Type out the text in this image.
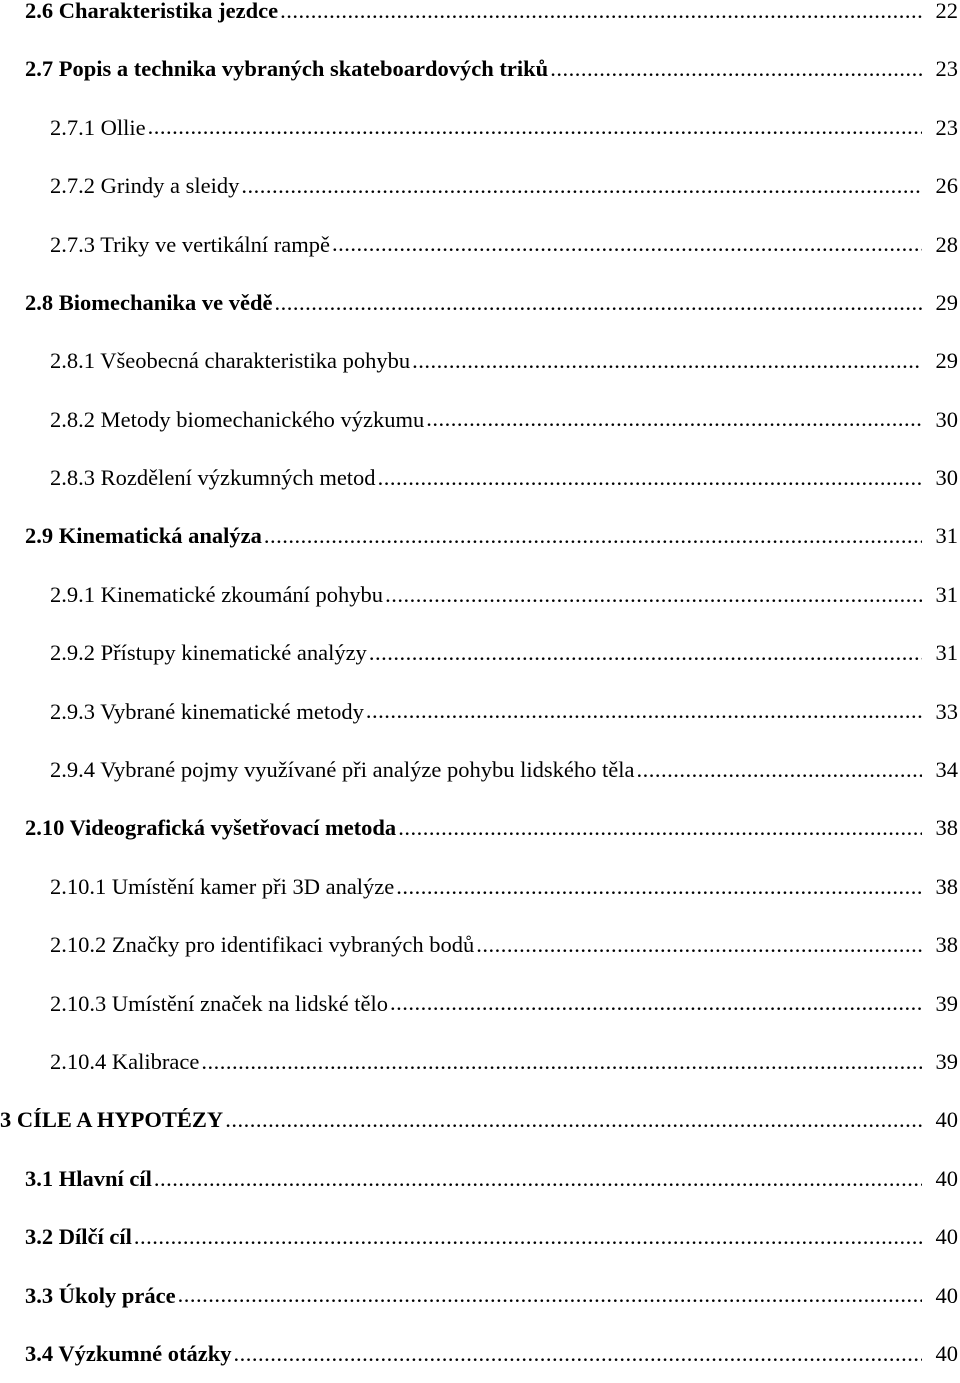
2.6 Charakteristika jezdce .....	22
2.7 Popis a technika vybraných skateboardových triků .....	23
2.7.1 Ollie .....	23
2.7.2 Grindy a sleidy .....	26
2.7.3 Triky ve vertikální rampě .....	28
2.8 Biomechanika ve vědě .....	29
2.8.1 Všeobecná charakteristika pohybu .....	29
2.8.2 Metody biomechanického výzkumu .....	30
2.8.3 Rozdělení výzkumných metod .....	30
2.9 Kinematická analýza .....	31
2.9.1 Kinematické zkoumání pohybu .....	31
2.9.2 Přístupy kinematické analýzy .....	31
2.9.3 Vybrané kinematické metody .....	33
2.9.4 Vybrané pojmy využívané při analýze pohybu lidského těla .....	34
2.10 Videografická vyšetřovací metoda .....	38
2.10.1 Umístění kamer při 3D analýze .....	38
2.10.2 Značky pro identifikaci vybraných bodů .....	38
2.10.3 Umístění značek na lidské tělo .....	39
2.10.4 Kalibrace .....	39
3 CÍLE A HYPOTÉZY .....	40
3.1 Hlavní cíl .....	40
3.2 Dílčí cíl .....	40
3.3 Úkoly práce .....	40
3.4 Výzkumné otázky .....	40
